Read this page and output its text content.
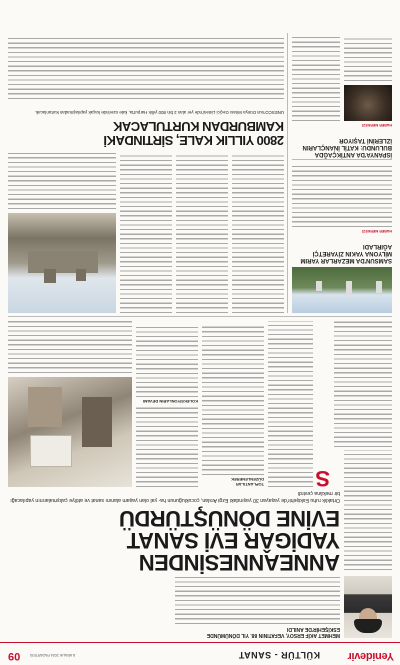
Yenidevir
KÜLTÜR - SANAT
8 ARALIK 2024 PAZARTESİ
09
MEHMET AKİF ERSOY, VEFATININ 88. YIL DÖNÜMÜNDE ESKİŞEHİR'DE ANILDI
ANNEANNESİNDEN
YADİGÂR EVİ SANAT
EVİNE DÖNÜŞTÜRDÜ
Ortaklık ruhu Eskişehir'de yaşayan 30 yaşındaki Ezgi Arslan, çocukluğunun ha- yal olan yaşam alanını sanat ve atölye çalışmalarının yapılacağı bir mekâna çevirdi
S
TOPLANTILAR DÜZENLENEREK
KOLEKSİYONLARIN DEVAMI
SAMSUN'DA MEZARLAR YARIM MİLYONA YAKIN ZİYARETÇİ AĞIRLADI
HABER MERKEZİ
İSPANYA'DA ANTİKÇAĞDA BULUNDU: KATİL İNANÇLARIN İZLERİNİ TAŞIYOR
HABER MERKEZİ
2800 YILLIK KALE, SİRTINDAKİ
KAMBURDAN KURTULACAK
UNESCO'nun Dünya Mirası Geçici Listesi'nde yer alan 2 bin 800 yıllık Harput'ta, kale üzerinde kaçak yapılaşmadan kurtarılacak.
